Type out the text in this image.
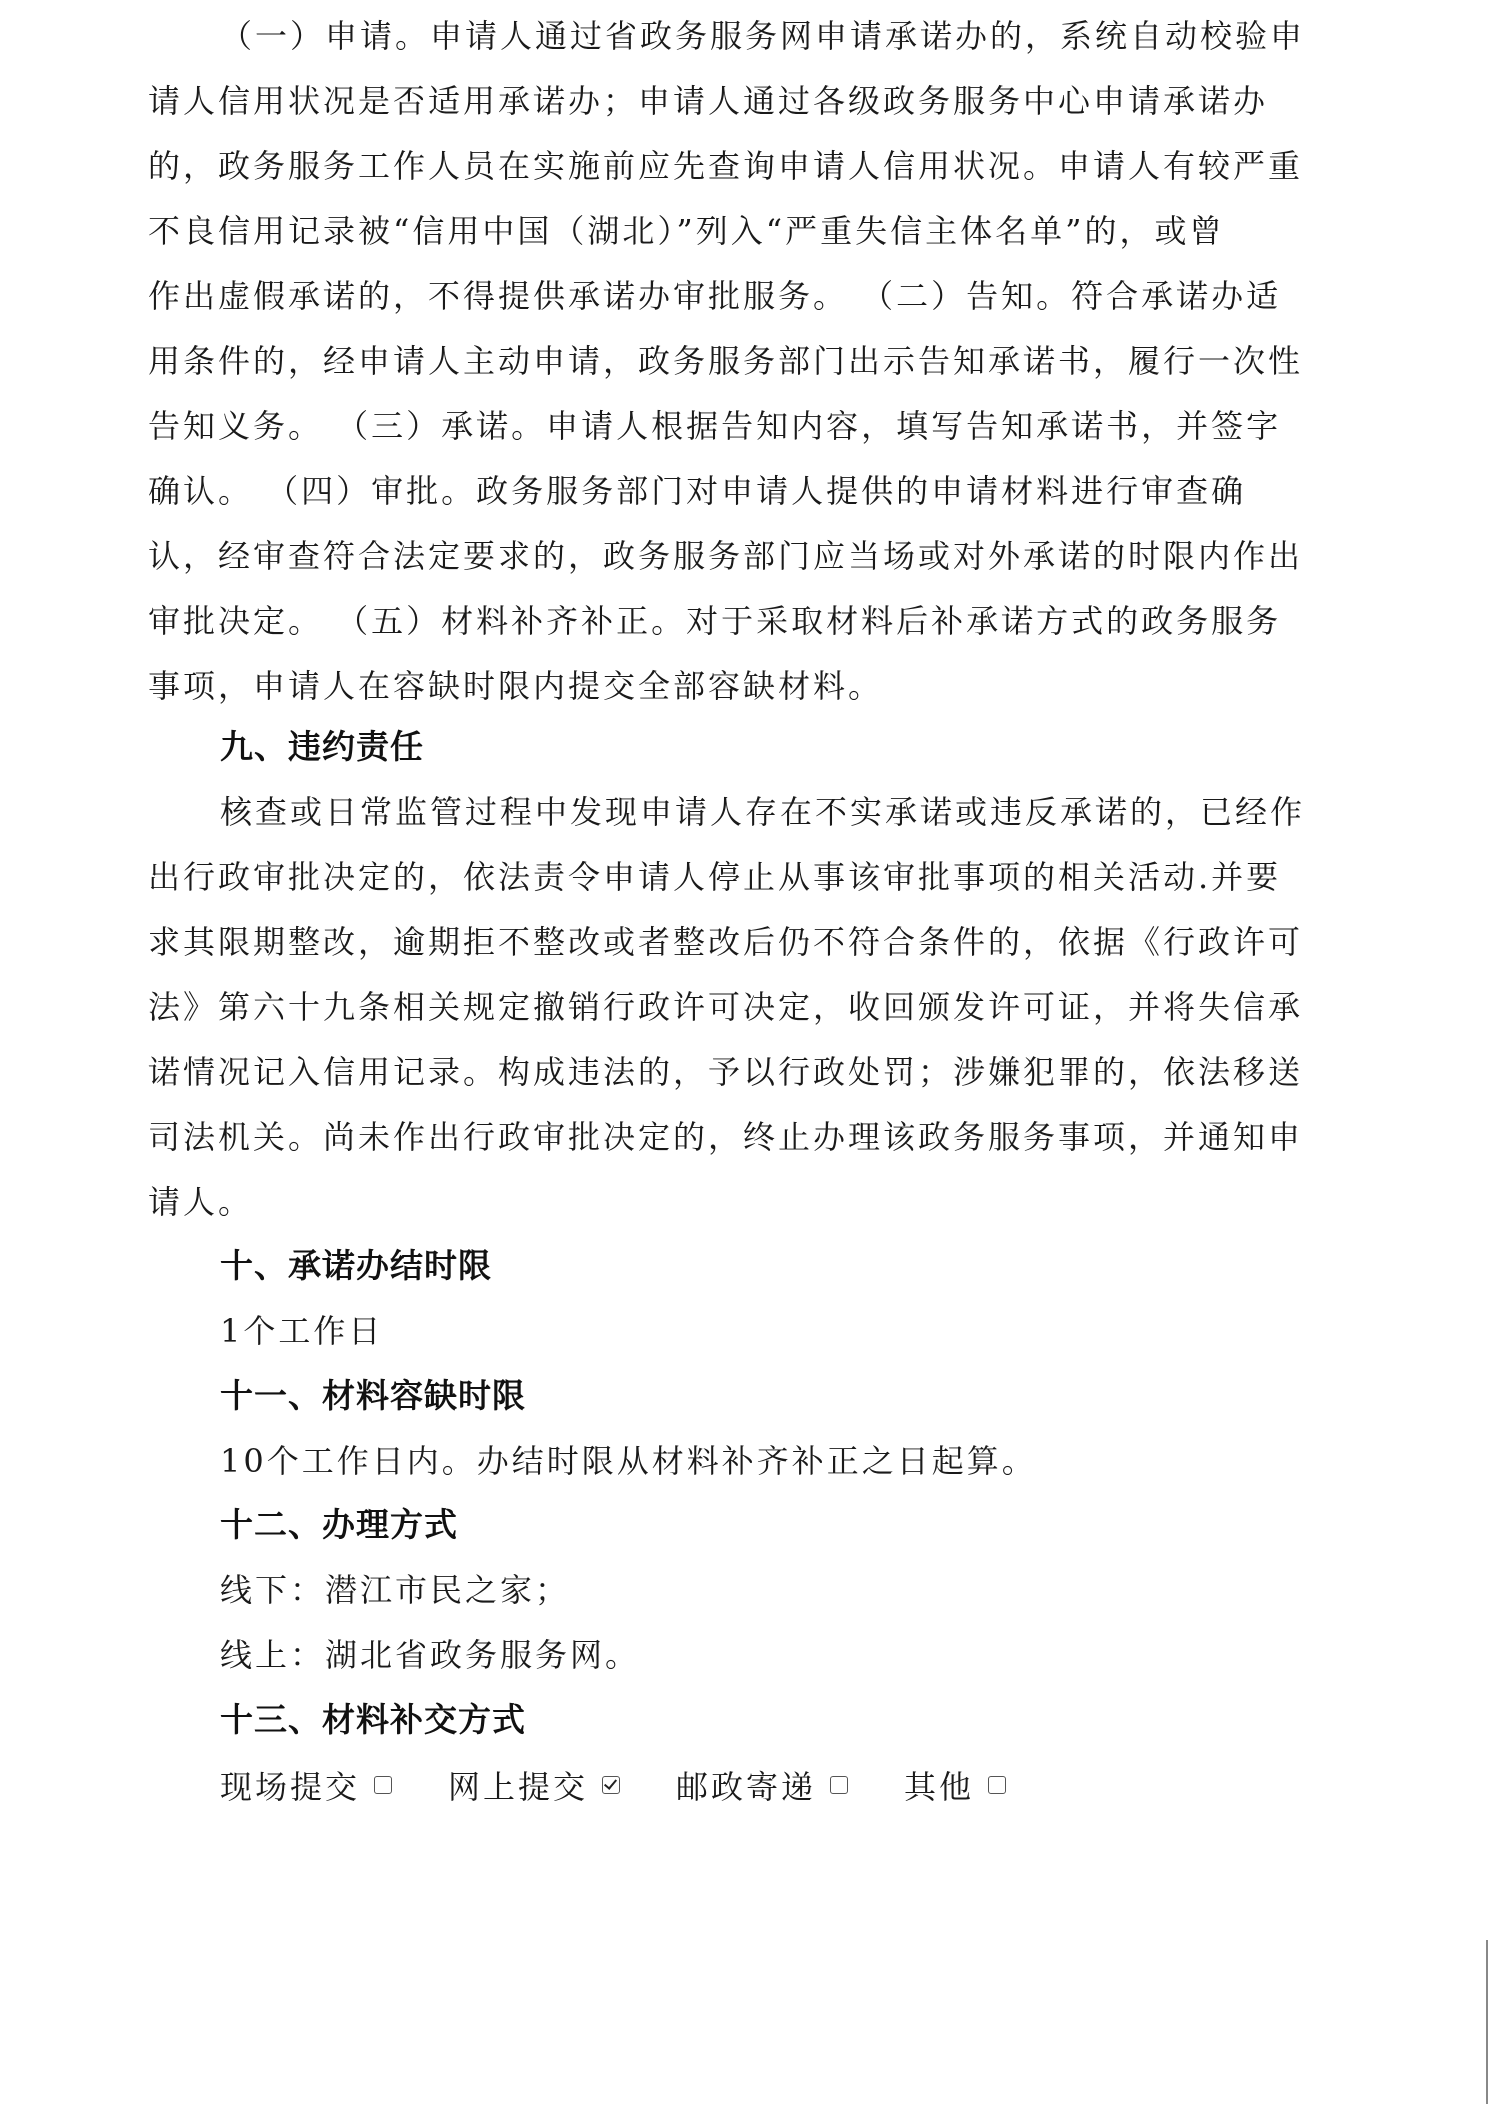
（一）申请。申请人通过省政务服务网申请承诺办的，系统自动校验申
请人信用状况是否适用承诺办；申请人通过各级政务服务中心申请承诺办
的，政务服务工作人员在实施前应先查询申请人信用状况。申请人有较严重
不良信用记录被“信用中国（湖北）”列入“严重失信主体名单”的，或曾
作出虚假承诺的，不得提供承诺办审批服务。 （二）告知。符合承诺办适
用条件的，经申请人主动申请，政务服务部门出示告知承诺书，履行一次性
告知义务。 （三）承诺。申请人根据告知内容，填写告知承诺书，并签字
确认。 （四）审批。政务服务部门对申请人提供的申请材料进行审查确
认，经审查符合法定要求的，政务服务部门应当场或对外承诺的时限内作出
审批决定。 （五）材料补齐补正。对于采取材料后补承诺方式的政务服务
事项，申请人在容缺时限内提交全部容缺材料。
九、违约责任
核查或日常监管过程中发现申请人存在不实承诺或违反承诺的，已经作
出行政审批决定的，依法责令申请人停止从事该审批事项的相关活动.并要
求其限期整改，逾期拒不整改或者整改后仍不符合条件的，依据《行政许可
法》第六十九条相关规定撤销行政许可决定，收回颁发许可证，并将失信承
诺情况记入信用记录。构成违法的，予以行政处罚；涉嫌犯罪的，依法移送
司法机关。尚未作出行政审批决定的，终止办理该政务服务事项，并通知申
请人。
十、承诺办结时限
1个工作日
十一、材料容缺时限
10个工作日内。办结时限从材料补齐补正之日起算。
十二、办理方式
线下：潜江市民之家；
线上：湖北省政务服务网。
十三、材料补交方式
现场提交	网上提交	邮政寄递	其他
